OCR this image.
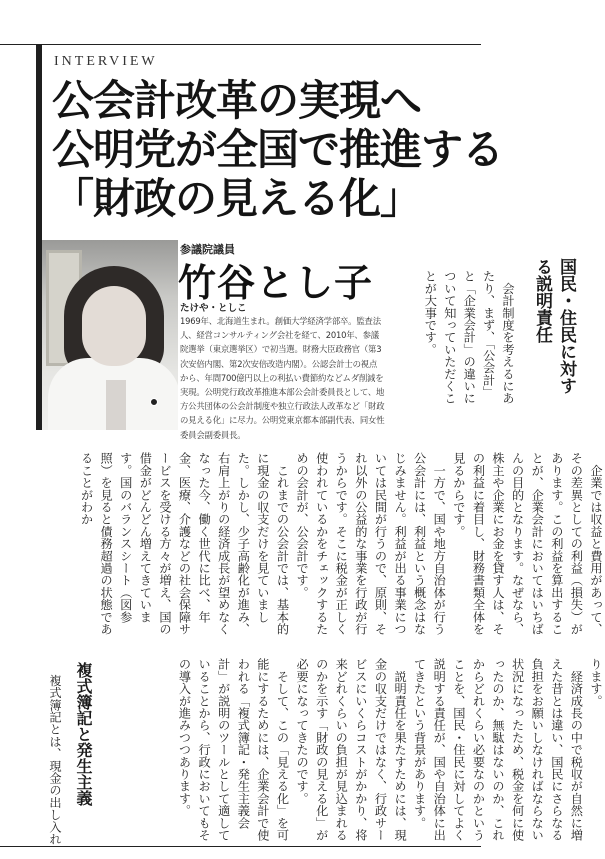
INTERVIEW
公会計改革の実現へ
公明党が全国で推進する
「財政の見える化」
参議院議員
竹谷とし子
たけや・としこ
1969年、北海道生まれ。創価大学経済学部卒。監査法人、経営コンサルティング会社を経て、2010年、参議院選挙（東京選挙区）で初当選。財務大臣政務官（第3次安倍内閣、第2次安倍改造内閣）。公認会計士の視点から、年間700億円以上の利払い費節約などムダ削減を実現。公明党行政改革推進本部公会計委員長として、地方公共団体の公会計制度や独立行政法人改革など「財政の見える化」に尽力。公明党東京都本部副代表、同女性委員会副委員長。
国民・住民に対する説明責任
　会計制度を考えるにあたり、まず、「公会計」と「企業会計」の違いについて知っていただくことが大事です。
　企業では収益と費用があって、その差異としての利益（損失）があります。この利益を算出することが、企業会計においてはいちばんの目的となります。なぜなら、株主や企業にお金を貸す人は、その利益に着目し、財務書類全体を見るからです。
　一方で、国や地方自治体が行う公会計には、利益という概念はなじみません。利益が出る事業については民間が行うので、原則、それ以外の公益的な事業を行政が行うからです。そこに税金が正しく使われているかをチェックするための会計が、公会計です。
　これまでの公会計では、基本的に現金の収支だけを見ていました。しかし、少子高齢化が進み、右肩上がりの経済成長が望めなくなった今、働く世代に比べ、年金、医療、介護などの社会保障サービスを受ける方々が増え、国の借金がどんどん増えてきています。国のバランスシート（図参照）を見ると債務超過の状態であることがわか
ります。
　経済成長の中で税収が自然に増えた昔とは違い、国民にさらなる負担をお願いしなければならない状況になったため、税金を何に使ったのか、無駄はないのか、これからどれくらい必要なのかということを、国民・住民に対してよく説明する責任が、国や自治体に出てきたという背景があります。
　説明責任を果たすためには、現金の収支だけではなく、行政サービスにいくらコストがかかり、将来どれくらいの負担が見込まれるのかを示す「財政の見える化」が必要になってきたのです。
　そして、この「見える化」を可能にするためには、企業会計で使われる「複式簿記・発生主義会計」が説明のツールとして適していることから、行政においてもその導入が進みつつあります。
複式簿記と発生主義
　複式簿記とは、現金の出し入れ
